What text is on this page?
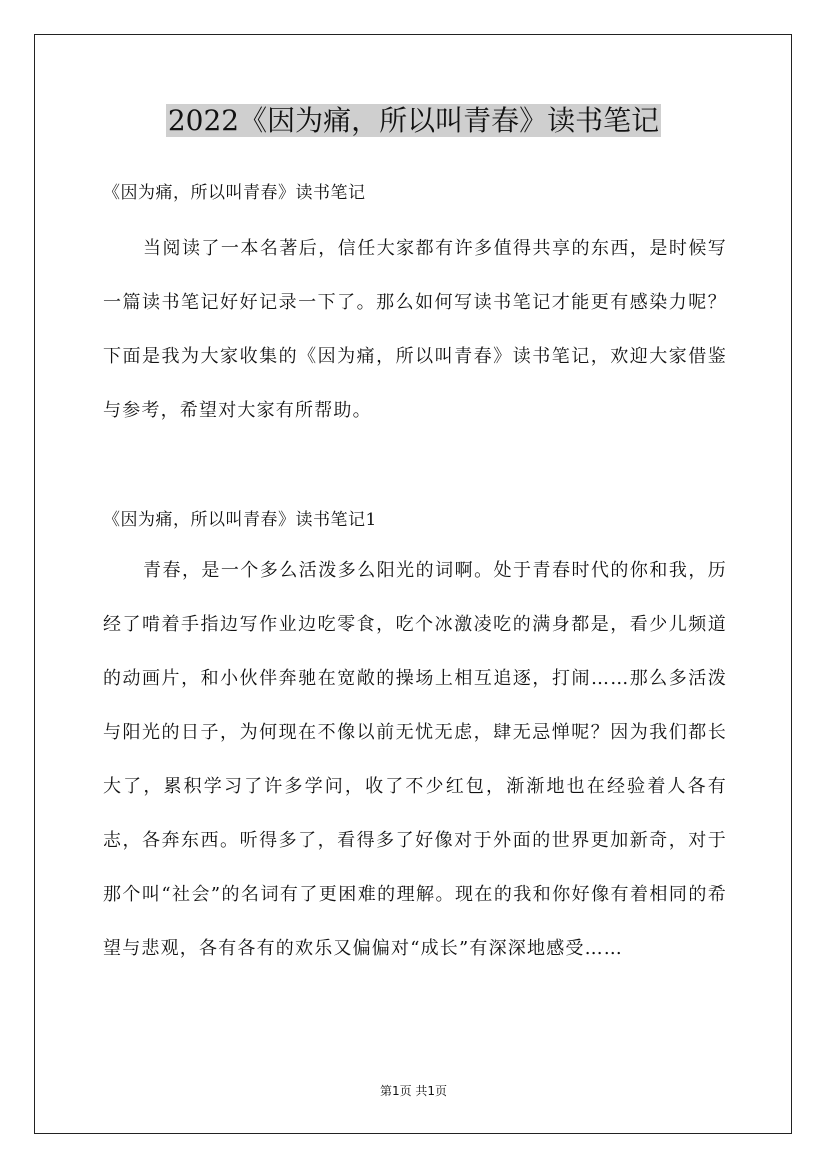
2022《因为痛，所以叫青春》读书笔记
《因为痛，所以叫青春》读书笔记

当阅读了一本名著后，信任大家都有许多值得共享的东西，是时候写一篇读书笔记好好记录一下了。那么如何写读书笔记才能更有感染力呢？下面是我为大家收集的《因为痛，所以叫青春》读书笔记，欢迎大家借鉴与参考，希望对大家有所帮助。

《因为痛，所以叫青春》读书笔记1

青春，是一个多么活泼多么阳光的词啊。处于青春时代的你和我，历经了啃着手指边写作业边吃零食，吃个冰激凌吃的满身都是，看少儿频道的动画片，和小伙伴奔驰在宽敞的操场上相互追逐，打闹……那么多活泼与阳光的日子，为何现在不像以前无忧无虑，肆无忌惮呢？因为我们都长大了，累积学习了许多学问，收了不少红包，渐渐地也在经验着人各有志，各奔东西。听得多了，看得多了好像对于外面的世界更加新奇，对于那个叫“社会”的名词有了更困难的理解。现在的我和你好像有着相同的希望与悲观，各有各有的欢乐又偏偏对“成长”有深深地感受……

第1页 共1页
